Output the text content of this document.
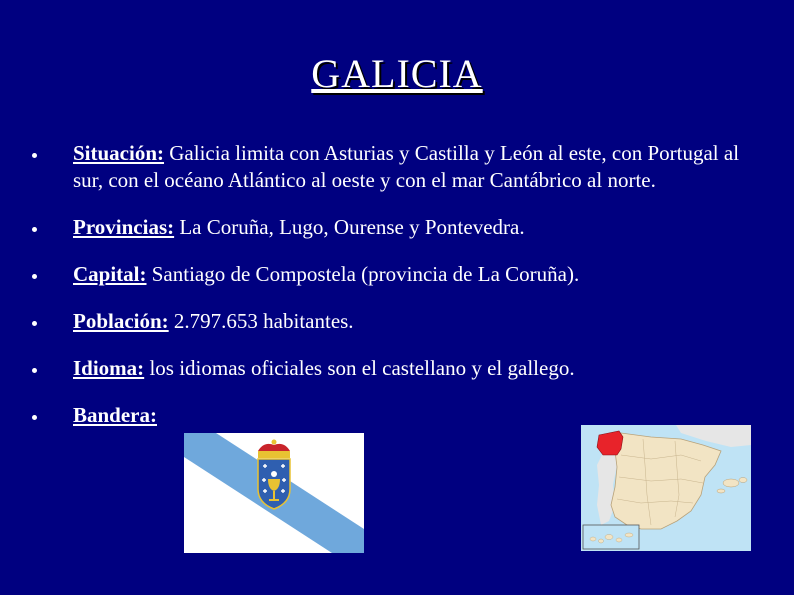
GALICIA
Situación: Galicia limita con Asturias y Castilla y León al este, con Portugal al sur, con el océano Atlántico al oeste y con el mar Cantábrico al norte.
Provincias: La Coruña, Lugo, Ourense y Pontevedra.
Capital: Santiago de Compostela (provincia de La Coruña).
Población: 2.797.653 habitantes.
Idioma: los idiomas oficiales son el castellano y el gallego.
Bandera:
